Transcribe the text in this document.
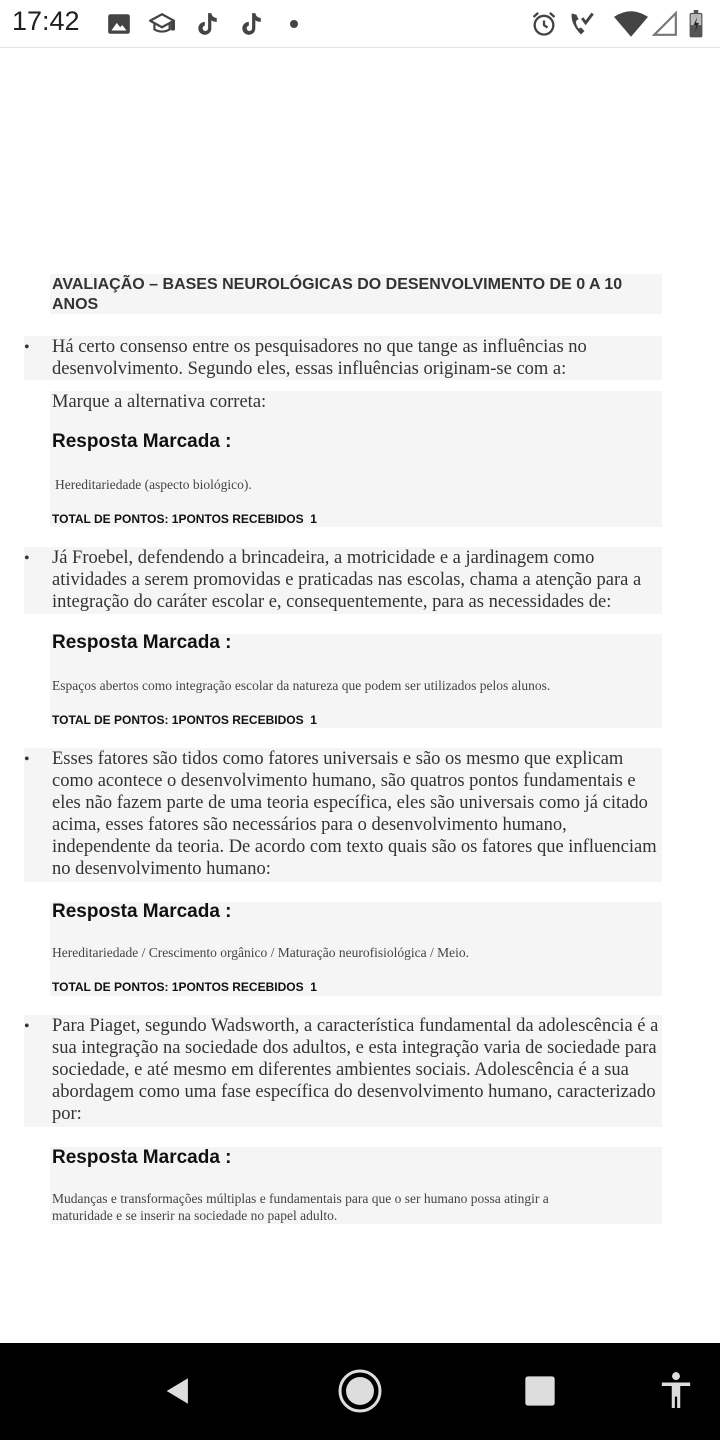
17:42
AVALIAÇÃO – BASES NEUROLÓGICAS DO DESENVOLVIMENTO DE 0 A 10 ANOS
• Há certo consenso entre os pesquisadores no que tange as influências no desenvolvimento. Segundo eles, essas influências originam-se com a:
Marque a alternativa correta:
Resposta Marcada :
Hereditariedade (aspecto biológico).
TOTAL DE PONTOS: 1PONTOS RECEBIDOS  1
• Já Froebel, defendendo a brincadeira, a motricidade e a jardinagem como atividades a serem promovidas e praticadas nas escolas, chama a atenção para a integração do caráter escolar e, consequentemente, para as necessidades de:
Resposta Marcada :
Espaços abertos como integração escolar da natureza que podem ser utilizados pelos alunos.
TOTAL DE PONTOS: 1PONTOS RECEBIDOS  1
• Esses fatores são tidos como fatores universais e são os mesmo que explicam como acontece o desenvolvimento humano, são quatros pontos fundamentais e eles não fazem parte de uma teoria específica, eles são universais como já citado acima, esses fatores são necessários para o desenvolvimento humano, independente da teoria. De acordo com texto quais são os fatores que influenciam no desenvolvimento humano:
Resposta Marcada :
Hereditariedade / Crescimento orgânico / Maturação neurofisiológica / Meio.
TOTAL DE PONTOS: 1PONTOS RECEBIDOS  1
• Para Piaget, segundo Wadsworth, a característica fundamental da adolescência é a sua integração na sociedade dos adultos, e esta integração varia de sociedade para sociedade, e até mesmo em diferentes ambientes sociais. Adolescência é a sua abordagem como uma fase específica do desenvolvimento humano, caracterizado por:
Resposta Marcada :
Mudanças e transformações múltiplas e fundamentais para que o ser humano possa atingir a maturidade e se inserir na sociedade no papel adulto.
